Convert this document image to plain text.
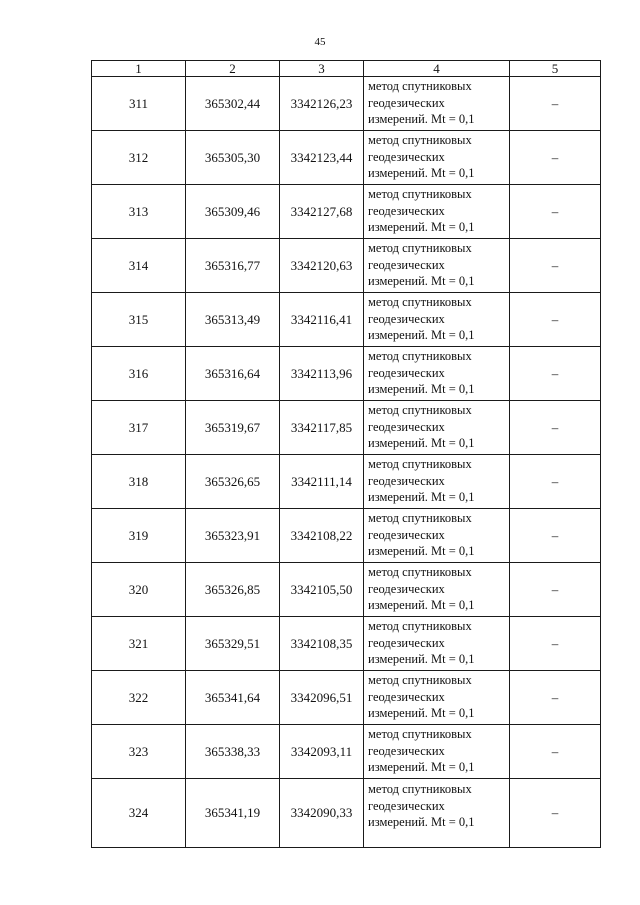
45
1	2	3	4	5
311	365302,44	3342126,23	метод спутниковых
геодезических
измерений. Mt = 0,1	–
312	365305,30	3342123,44	метод спутниковых
геодезических
измерений. Mt = 0,1	–
313	365309,46	3342127,68	метод спутниковых
геодезических
измерений. Mt = 0,1	–
314	365316,77	3342120,63	метод спутниковых
геодезических
измерений. Mt = 0,1	–
315	365313,49	3342116,41	метод спутниковых
геодезических
измерений. Mt = 0,1	–
316	365316,64	3342113,96	метод спутниковых
геодезических
измерений. Mt = 0,1	–
317	365319,67	3342117,85	метод спутниковых
геодезических
измерений. Mt = 0,1	–
318	365326,65	3342111,14	метод спутниковых
геодезических
измерений. Mt = 0,1	–
319	365323,91	3342108,22	метод спутниковых
геодезических
измерений. Mt = 0,1	–
320	365326,85	3342105,50	метод спутниковых
геодезических
измерений. Mt = 0,1	–
321	365329,51	3342108,35	метод спутниковых
геодезических
измерений. Mt = 0,1	–
322	365341,64	3342096,51	метод спутниковых
геодезических
измерений. Mt = 0,1	–
323	365338,33	3342093,11	метод спутниковых
геодезических
измерений. Mt = 0,1	–
324	365341,19	3342090,33	метод спутниковых
геодезических
измерений. Mt = 0,1	–
